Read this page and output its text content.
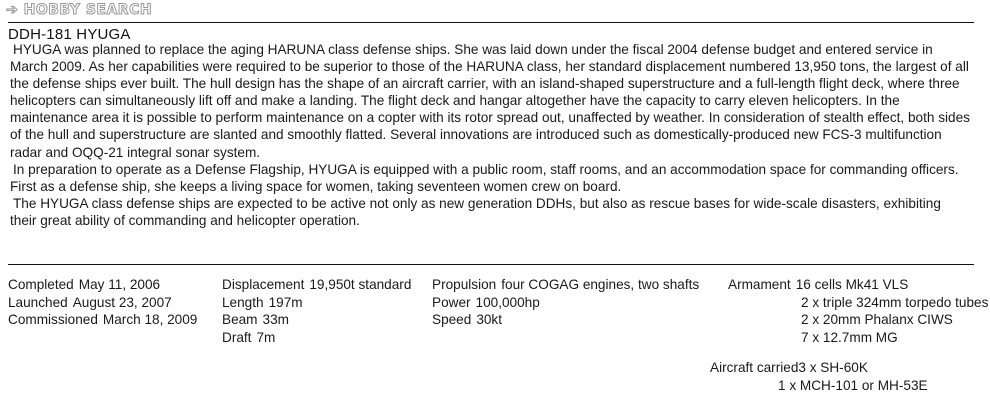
➔ HOBBY SEARCH
DDH-181 HYUGA

HYUGA was planned to replace the aging HARUNA class defense ships. She was laid down under the fiscal 2004 defense budget and entered service in March 2009. As her capabilities were required to be superior to those of the HARUNA class, her standard displacement numbered 13,950 tons, the largest of all the defense ships ever built. The hull design has the shape of an aircraft carrier, with an island-shaped superstructure and a full-length flight deck, where three helicopters can simultaneously lift off and make a landing. The flight deck and hangar altogether have the capacity to carry eleven helicopters. In the maintenance area it is possible to perform maintenance on a copter with its rotor spread out, unaffected by weather. In consideration of stealth effect, both sides of the hull and superstructure are slanted and smoothly flatted. Several innovations are introduced such as domestically-produced new FCS-3 multifunction radar and OQQ-21 integral sonar system.

In preparation to operate as a Defense Flagship, HYUGA is equipped with a public room, staff rooms, and an accommodation space for commanding officers. First as a defense ship, she keeps a living space for women, taking seventeen women crew on board.

The HYUGA class defense ships are expected to be active not only as new generation DDHs, but also as rescue bases for wide-scale disasters, exhibiting their great ability of commanding and helicopter operation.

Completed May 11, 2006
Launched August 23, 2007
Commissioned March 18, 2009
Displacement 19,950t standard
Length 197m
Beam 33m
Draft 7m
Propulsion four COGAG engines, two shafts
Power 100,000hp
Speed 30kt
Armament 16 cells Mk41 VLS
2 x triple 324mm torpedo tubes
2 x 20mm Phalanx CIWS
7 x 12.7mm MG
Aircraft carried3 x SH-60K
1 x MCH-101 or MH-53E
